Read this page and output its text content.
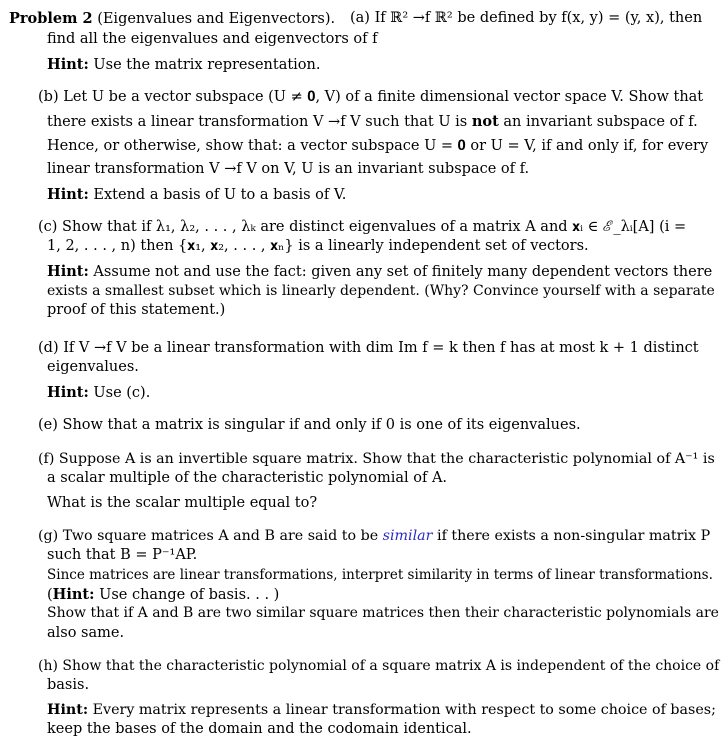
Problem 2 (Eigenvalues and Eigenvectors). (a) If ℝ² →f ℝ² be defined by f(x, y) = (y, x), then
find all the eigenvalues and eigenvectors of f
Hint: Use the matrix representation.
(b) Let U be a vector subspace (U ≠ 𝟎, V) of a finite dimensional vector space V. Show that
there exists a linear transformation V →f V such that U is not an invariant subspace of f.
Hence, or otherwise, show that: a vector subspace U = 𝟎 or U = V, if and only if, for every
linear transformation V →f V on V, U is an invariant subspace of f.
Hint: Extend a basis of U to a basis of V.
(c) Show that if λ₁, λ₂, . . . , λₖ are distinct eigenvalues of a matrix A and 𝐱ᵢ ∈ ℰ_λᵢ[A] (i =
1, 2, . . . , n) then {𝐱₁, 𝐱₂, . . . , 𝐱ₙ} is a linearly independent set of vectors.
Hint: Assume not and use the fact: given any set of finitely many dependent vectors there
exists a smallest subset which is linearly dependent. (Why? Convince yourself with a separate
proof of this statement.)
(d) If V →f V be a linear transformation with dim Im f = k then f has at most k + 1 distinct
eigenvalues.
Hint: Use (c).
(e) Show that a matrix is singular if and only if 0 is one of its eigenvalues.
(f) Suppose A is an invertible square matrix. Show that the characteristic polynomial of A⁻¹ is
a scalar multiple of the characteristic polynomial of A.
What is the scalar multiple equal to?
(g) Two square matrices A and B are said to be similar if there exists a non-singular matrix P
such that B = P⁻¹AP.
Since matrices are linear transformations, interpret similarity in terms of linear transformations.
(Hint: Use change of basis. . . )
Show that if A and B are two similar square matrices then their characteristic polynomials are
also same.
(h) Show that the characteristic polynomial of a square matrix A is independent of the choice of
basis.
Hint: Every matrix represents a linear transformation with respect to some choice of bases;
keep the bases of the domain and the codomain identical.
